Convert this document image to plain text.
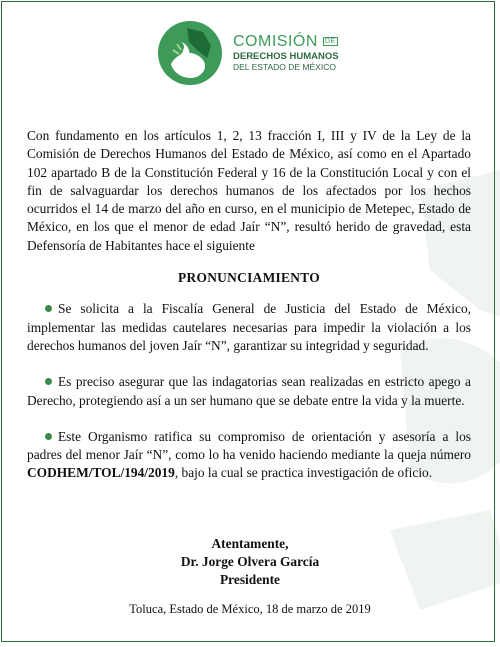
COMISIÓN DE
DERECHOS HUMANOS
DEL ESTADO DE MÉXICO

Con fundamento en los artículos 1, 2, 13 fracción I, III y IV de la Ley de la Comisión de Derechos Humanos del Estado de México, así como en el Apartado 102 apartado B de la Constitución Federal y 16 de la Constitución Local y con el fin de salvaguardar los derechos humanos de los afectados por los hechos ocurridos el 14 de marzo del año en curso, en el municipio de Metepec, Estado de México, en los que el menor de edad Jaír “N”, resultó herido de gravedad, esta Defensoría de Habitantes hace el siguiente

PRONUNCIAMIENTO

Se solicita a la Fiscalía General de Justicia del Estado de México, implementar las medidas cautelares necesarias para impedir la violación a los derechos humanos del joven Jaír “N”, garantizar su integridad y seguridad.

Es preciso asegurar que las indagatorias sean realizadas en estricto apego a Derecho, protegiendo así a un ser humano que se debate entre la vida y la muerte.

Este Organismo ratifica su compromiso de orientación y asesoría a los padres del menor Jaír “N”, como lo ha venido haciendo mediante la queja número CODHEM/TOL/194/2019, bajo la cual se practica investigación de oficio.

Atentamente,
Dr. Jorge Olvera García
Presidente
Toluca, Estado de México, 18 de marzo de 2019
